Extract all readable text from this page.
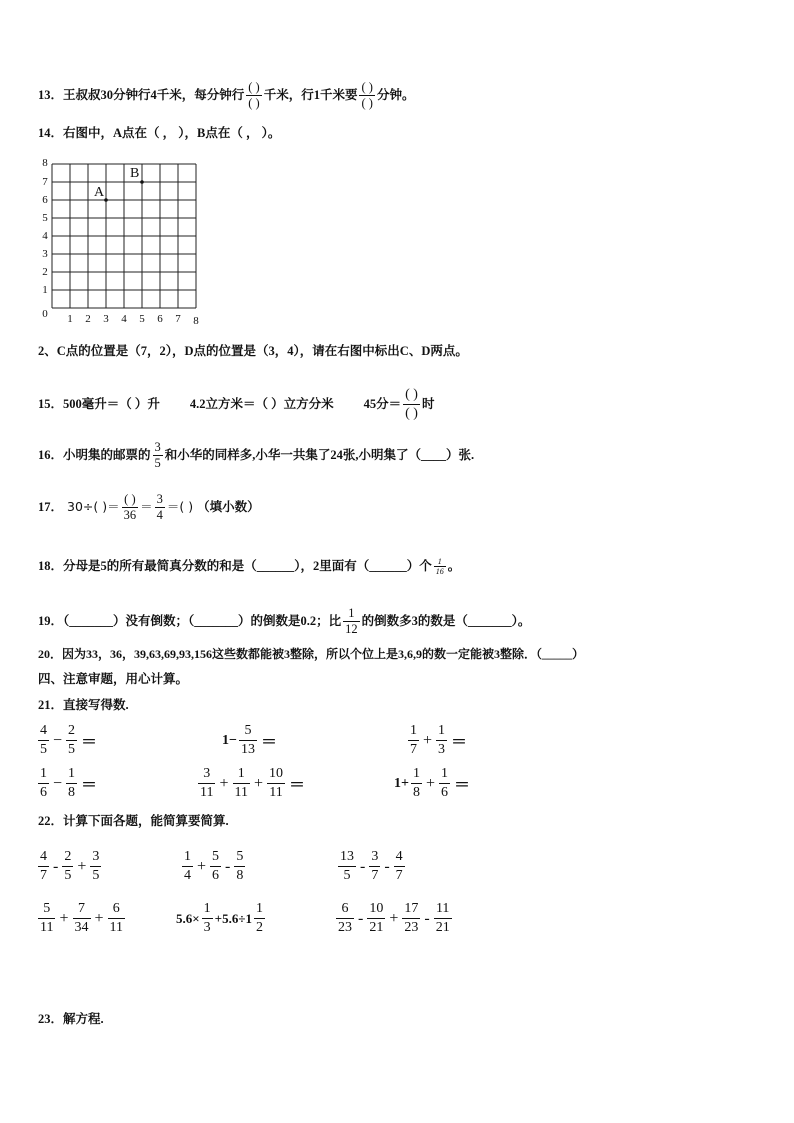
13．王叔叔30分钟行4千米，每分钟行 $\frac{( )}{( )}$ 千米，行1千米要 $\frac{( )}{( )}$ 分钟。
14．右图中，A点在（ ， ），B点在（ ， ）。
8
7
6
5
4
3
2
1
0 1 2 3 4 5 6 7 8
A
B
2、C点的位置是（7，2），D点的位置是（3，4），请在右图中标出C、D两点。
15．500毫升＝（ ）升 4.2立方米＝（ ）立方分米 45分＝ $\frac{( )}{( )}$ 时
16．小明集的邮票的 $\frac{3}{5}$ 和小华的同样多,小华一共集了24张,小明集了（____）张.
17． 30÷( )＝ $\frac{( )}{36} = \frac{3}{4}$ ＝( ) （填小数）
18．分母是5的所有最简真分数的和是（______），2里面有（______）个 $\frac{1}{16}$ 。
19．（_______）没有倒数；（_______）的倒数是0.2；比 $\frac{1}{12}$ 的倒数多3的数是（_______）。
20．因为33，36，39,63,69,93,156这些数都能被3整除，所以个位上是3,6,9的数一定能被3整除．（_____）
四、注意审题，用心计算。
21．直接写得数.
$\frac{4}{5} - \frac{2}{5}$ ＝	$1- \frac{5}{13}$ ＝	$\frac{1}{7} + \frac{1}{3}$ ＝
$\frac{1}{6} - \frac{1}{8}$ ＝	$\frac{3}{11} + \frac{1}{11} + \frac{10}{11}$ ＝	$1+ \frac{1}{8} + \frac{1}{6}$ ＝
22．计算下面各题，能简算要简算.
$\frac{4}{7} - \frac{2}{5} + \frac{3}{5}$	$\frac{1}{4} + \frac{5}{6} - \frac{5}{8}$	$\frac{13}{5} - \frac{3}{7} - \frac{4}{7}$
$\frac{5}{11} + \frac{7}{34} + \frac{6}{11}$	$5.6\times \frac{1}{3} +5.6\div 1 \frac{1}{2}$	$\frac{6}{23} - \frac{10}{21} + \frac{17}{23} - \frac{11}{21}$
23．解方程.
